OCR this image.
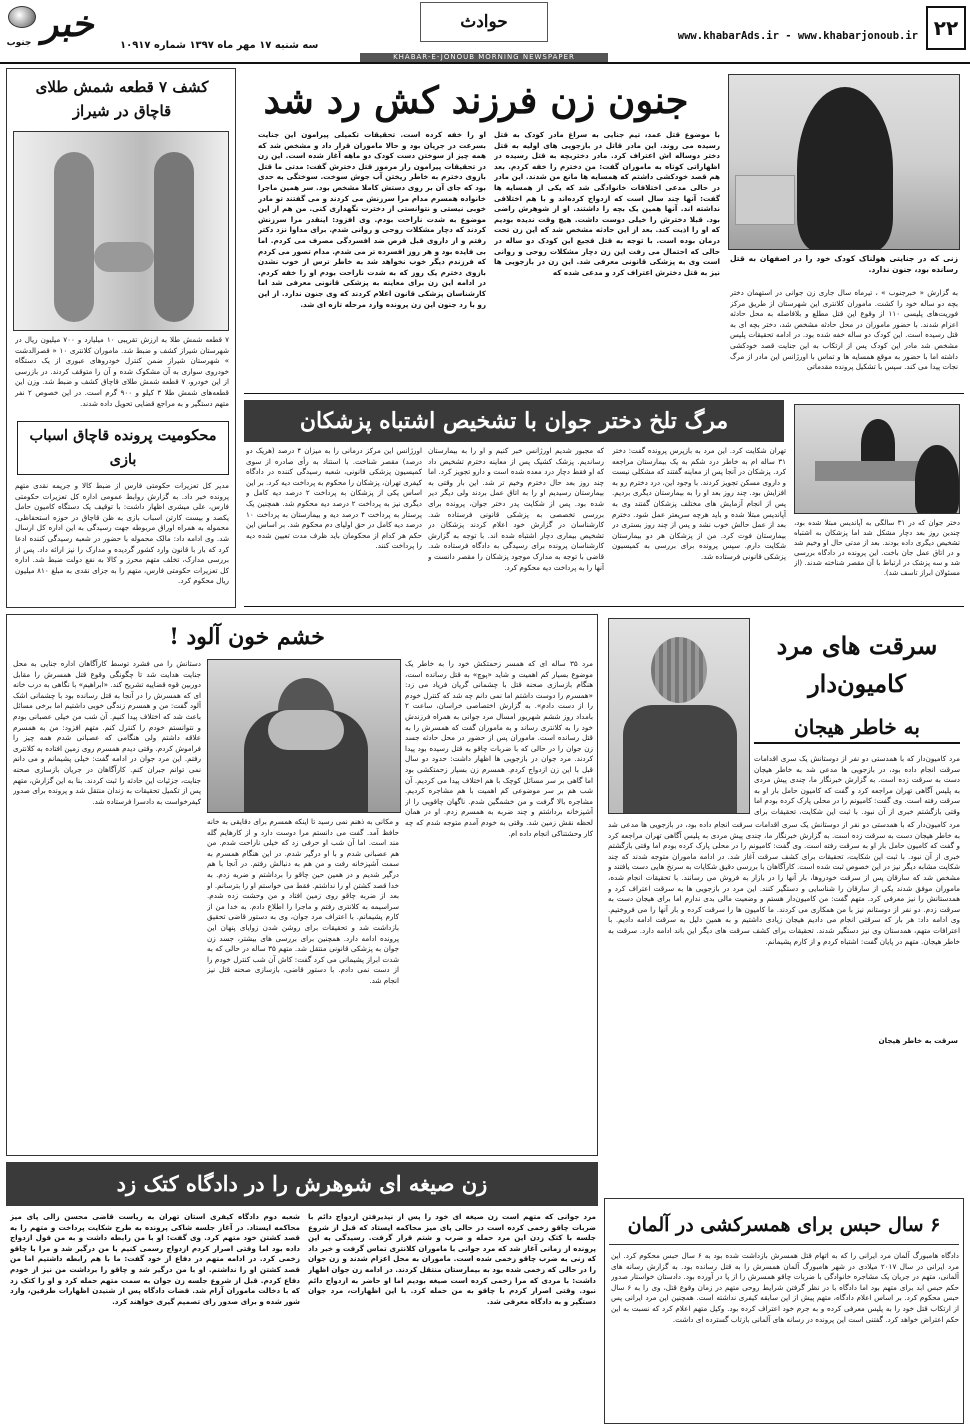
۲۲
www.khabarAds.ir - www.khabarjonoub.ir
حوادث
خبر
جنوب	سه شنبه ۱۷ مهر ماه ۱۳۹۷ شماره ۱۰۹۱۷
KHABAR-E-JONOUB MORNING NEWSPAPER
کشف ۷ قطعه شمش طلای قاچاق در شیراز
۷ قطعه شمش طلا به ارزش تقریبی ۱۰ میلیارد و ۷۰۰ میلیون ریال در شهرستان شیراز کشف و ضبط شد. ماموران کلانتری ۱۰ « قصرالدشت » شهرستان شیراز ضمن کنترل خودروهای عبوری از یک دستگاه خودروی سواری به آن مشکوک شده و آن را متوقف کردند. در بازرسی از این خودرو، ۷ قطعه شمش طلای قاچاق کشف و ضبط شد. وزن این قطعه‌های شمش طلا ۳ کیلو و ۹۰۰ گرم است. در این خصوص ۲ نفر متهم دستگیر و به مراجع قضایی تحویل داده شدند.
محکومیت پرونده قاچاق اسباب بازی
مدیر کل تعزیرات حکومتی فارس از ضبط کالا و جریمه نقدی متهم پرونده خبر داد. به گزارش روابط عمومی اداره کل تعزیرات حکومتی فارس، علی میشری اظهار داشت: با توقیف یک دستگاه کامیون حامل یکصد و بیست کارتن اسباب بازی به ظن قاچاق در حوزه استحفاظی، محموله به همراه اوراق مربوطه جهت رسیدگی به این اداره کل ارسال شد. وی ادامه داد: مالک محموله با حضور در شعبه رسیدگی کننده ادعا کرد که بار با قانون وارد کشور گردیده و مدارک را نیز ارائه داد. پس از بررسی مدارک، تخلف متهم محرز و کالا به نفع دولت ضبط شد. اداره کل تعزیرات حکومتی فارس، متهم را به جزای نقدی به مبلغ ۸۱۰ میلیون ریال محکوم کرد.
جنون زن فرزند کش رد شد
زنی که در جنایتی هولناک کودک خود را در اصفهان به قتل رسانده بود، جنون ندارد.
به گزارش « خبرجنوب » ، تیرماه سال جاری زن جوانی در استهمان دختر بچه دو ساله خود را کشت. ماموران کلانتری این شهرستان از طریق مرکز فوریت‌های پلیسی ۱۱۰ از وقوع این قتل مطلع و بلافاصله به محل حادثه اعزام شدند. با حضور ماموران در محل حادثه مشخص شد، دختر بچه ای به قتل رسیده است. این کودک دو ساله خفه شده بود. در ادامه تحقیقات پلیس مشخص شد مادر این کودک پس از ارتکاب به این جنایت قصد خودکشی داشته اما با حضور به موقع همسایه ها و تماس با اورژانس این مادر از مرگ نجات پیدا می کند. سپس با تشکیل پرونده مقدماتی
با موضوع قتل عمد، تیم جنایی به سراغ مادر کودک به قتل رسیده می روند. این مادر قاتل در بازجویی های اولیه به قتل دختر دوساله اش اعتراف کرد. مادر دختربچه به قتل رسیده در اظهاراتی کوتاه به ماموران گفت: من دخترم را خفه کردم. بعد هم قصد خودکشی داشتم که همسایه ها مانع من شدند. این مادر در حالی مدعی اختلافات خانوادگی شد که یکی از همسایه ها گفت: آنها چند سال است که ازدواج کرده‌اند و با هم اختلافی نداشته اند. آنها همین یک بچه را داشتند. او از شوهرش راضی بود. قبلا دخترش را خیلی دوست داشت. هیچ وقت ندیده بودیم که او را اذیت کند. بعد از این حادثه مشخص شد که این زن تحت درمان بوده است. با توجه به قتل فجیع این کودک دو ساله در حالی که احتمال می رفت این زن دچار مشکلات روحی و روانی است وی به پزشکی قانونی معرفی شد. این زن در بازجویی ها نیز به قتل دخترش اعتراف کرد و مدعی شده که
او را خفه کرده است. تحقیقات تکمیلی پیرامون این جنایت بسرعت در جریان بود و حالا ماموران قرار داد و مشخص شد که همه چیز از سوختن دست کودک دو ماهه آغاز شده است. این زن در تحقیقات پیرامون راز مرموز قتل دخترش گفت: مدتی ما قتل بازوی دخترم به خاطر ریختن آب جوش سوخت. سوختگی به حدی بود که جای آن بر روی دستش کاملا مشخص بود. سر همین ماجرا خانواده همسرم مدام مرا سرزنش می کردند و می گفتند تو مادر خوبی نیستی و نتوانستی از دخترت نگهداری کنی. من هم از این موضوع به شدت ناراحت بودم. وی افزود: اینقدر مرا سرزنش کردند که دچار مشکلات روحی و روانی شدم. برای مداوا نزد دکتر رفتم و از داروی قبل قرص ضد افسردگی مصرف می کردم. اما بی فایده بود و هر روز افسرده تر می شدم. مدام تصور می کردم که فرزندم دیگر خوب نخواهد شد به خاطر ترس از خوب نشدن بازوی دخترم یک روز که به شدت ناراحت بودم او را خفه کردم. در ادامه این زن برای معاینه به پزشکی قانونی معرفی شد اما کارشناسان پزشکی قانون اعلام کردند که وی جنون ندارد. از این رو با رد جنون این زن پرونده وارد مرحله تازه ای شد.
مرگ تلخ دختر جوان با تشخیص اشتباه پزشکان
دختر جوان که در ۳۱ سالگی به آپاندیس مبتلا شده بود، چندین روز بعد دچار مشکل شد اما پزشکان به اشتباه تشخیص دیگری داده بودند. بعد از مدتی حال او وخیم شد و در اتاق عمل جان باخت. این پرونده در دادگاه بررسی شد و سه پزشک در ارتباط با آن مقصر شناخته شدند. (از مسئولان ابراز تاسف شد).
تهران شکایت کرد. این مرد به بازپرس پرونده گفت: دختر ۳۱ ساله ام به خاطر درد شکم به یک بیمارستان مراجعه کرد. پزشکان در آنجا پس از معاینه گفتند که مشکلی نیست و داروی مسکن تجویز کردند. با وجود این، درد دخترم رو به افزایش بود. چند روز بعد او را به بیمارستان دیگری بردیم. پس از انجام آزمایش های مختلف پزشکان گفتند وی به آپاندیس مبتلا شده و باید هرچه سریعتر عمل شود. دخترم بعد از عمل حالش خوب نشد و پس از چند روز بستری در بیمارستان فوت کرد. من از پزشکان هر دو بیمارستان شکایت دارم. سپس پرونده برای بررسی به کمیسیون پزشکی قانونی فرستاده شد.
که مجبور شدیم اورژانس خبر کنیم و او را به بیمارستان رساندیم. پزشک کشیک پس از معاینه دخترم تشخیص داد که او فقط دچار درد معده شده است و دارو تجویز کرد. اما چند روز بعد حال دخترم وخیم تر شد. این بار وقتی به بیمارستان رسیدیم او را به اتاق عمل بردند ولی دیگر دیر شده بود. پس از شکایت پدر دختر جوان، پرونده برای بررسی تخصصی به پزشکی قانونی فرستاده شد. کارشناسان در گزارش خود اعلام کردند پزشکان در تشخیص بیماری دچار اشتباه شده اند. با توجه به گزارش کارشناسان پرونده برای رسیدگی به دادگاه فرستاده شد. قاضی با توجه به مدارک موجود پزشکان را مقصر دانست و آنها را به پرداخت دیه محکوم کرد.
اورژانس این مرکز درمانی را به میزان ۴ درصد (هریک دو درصد) مقصر شناخت. با استناد به رأی صادره از سوی کمیسیون پزشکی قانونی، شعبه رسیدگی کننده در دادگاه کیفری تهران، پزشکان را محکوم به پرداخت دیه کرد. بر این اساس یکی از پزشکان به پرداخت ۲ درصد دیه کامل و دیگری نیز به پرداخت ۲ درصد دیه محکوم شد. همچنین یک پرستار به پرداخت ۴ درصد دیه و بیمارستان به پرداخت ۱۰ درصد دیه کامل در حق اولیای دم محکوم شد. بر اساس این حکم هر کدام از محکومان باید ظرف مدت تعیین شده دیه را پرداخت کنند.
سرقت های مرد
کامیون‌دار
به خاطر هیجان
مرد کامیون‌دار که با همدستی دو نفر از دوستانش یک سری اقدامات سرقت انجام داده بود، در بازجویی ها مدعی شد به خاطر هیجان دست به سرقت زده است. به گزارش خبرنگار ما، چندی پیش مردی به پلیس آگاهی تهران مراجعه کرد و گفت که کامیون حامل بار او به سرقت رفته است. وی گفت: کامیونم را در محلی پارک کرده بودم اما وقتی بازگشتم خبری از آن نبود. با ثبت این شکایت، تحقیقات برای
مرد کامیون‌دار که با همدستی دو نفر از دوستانش یک سری اقدامات سرقت انجام داده بود، در بازجویی ها مدعی شد به خاطر هیجان دست به سرقت زده است. به گزارش خبرنگار ما، چندی پیش مردی به پلیس آگاهی تهران مراجعه کرد و گفت که کامیون حامل بار او به سرقت رفته است. وی گفت: کامیونم را در محلی پارک کرده بودم اما وقتی بازگشتم خبری از آن نبود. با ثبت این شکایت، تحقیقات برای کشف سرقت آغاز شد. در ادامه ماموران متوجه شدند که چند شکایت مشابه دیگر نیز در این خصوص ثبت شده است. کارآگاهان با بررسی دقیق شکایات به سرنخ هایی دست یافتند و مشخص شد که سارقان پس از سرقت خودروها، بار آنها را در بازار به فروش می رسانند. با تحقیقات انجام شده، ماموران موفق شدند یکی از سارقان را شناسایی و دستگیر کنند. این مرد در بازجویی ها به سرقت اعتراف کرد و همدستانش را نیز معرفی کرد. متهم گفت: من کامیون‌دار هستم و وضعیت مالی بدی ندارم اما برای هیجان دست به سرقت زدم. دو نفر از دوستانم نیز با من همکاری می کردند. ما کامیون ها را سرقت کرده و بار آنها را می فروختیم. وی ادامه داد: هر بار که سرقتی انجام می دادیم هیجان زیادی داشتیم و به همین دلیل به سرقت ادامه دادیم. با اعترافات متهم، همدستان وی نیز دستگیر شدند. تحقیقات برای کشف سرقت های دیگر این باند ادامه دارد. سرقت به خاطر هیجان. متهم در پایان گفت: اشتباه کردم و از کارم پشیمانم.
سرقت به خاطر هیجان
خشم خون آلود !
مرد ۳۵ ساله ای که همسر زحمتکش خود را به خاطر یک موضوع بسیار کم اهمیت و شاید «پوچ» به قتل رسانده است، هنگام بازسازی صحنه قتل با چشمانی گریان فریاد می زد: «همسرم را دوست داشتم اما نمی دانم چه شد که کنترل خودم را از دست دادم». به گزارش اختصاصی خراسان، ساعت ۲ بامداد روز ششم شهریور امسال مرد جوانی به همراه فرزندش خود را به کلانتری رساند و به ماموران گفت که همسرش را به قتل رسانده است. ماموران پس از حضور در محل حادثه جسد زن جوان را در حالی که با ضربات چاقو به قتل رسیده بود پیدا کردند. مرد جوان در بازجویی ها اظهار داشت: حدود دو سال قبل با این زن ازدواج کردم. همسرم زن بسیار زحمتکشی بود اما گاهی بر سر مسائل کوچک با هم اختلاف پیدا می کردیم. آن شب هم بر سر موضوعی کم اهمیت با هم مشاجره کردیم. مشاجره بالا گرفت و من خشمگین شدم. ناگهان چاقویی را از آشپزخانه برداشتم و چند ضربه به همسرم زدم. او در همان لحظه نقش زمین شد. وقتی به خودم آمدم متوجه شدم که چه کار وحشتناکی انجام داده ام.
و مکانی به ذهنم نمی رسید تا اینکه همسرم برای دقایقی به خانه حافظ آمد. گفت می دانستم مرا دوست دارد و از کارهایم گله مند است. اما آن شب او حرفی زد که خیلی ناراحت شدم. من هم عصبانی شدم و با او درگیر شدم. در این هنگام همسرم به سمت آشپزخانه رفت و من هم به دنبالش رفتم. در آنجا با هم درگیر شدیم و در همین حین چاقو را برداشتم و ضربه زدم. به خدا قصد کشتن او را نداشتم. فقط می خواستم او را بترسانم. او بعد از ضربه چاقو روی زمین افتاد و من وحشت زده شدم. سراسیمه به کلانتری رفتم و ماجرا را اطلاع دادم. به خدا من از کارم پشیمانم. با اعتراف مرد جوان، وی به دستور قاضی تحقیق بازداشت شد و تحقیقات برای روشن شدن زوایای پنهان این پرونده ادامه دارد. همچنین برای بررسی های بیشتر، جسد زن جوان به پزشکی قانونی منتقل شد. متهم ۳۵ ساله در حالی که به شدت ابراز پشیمانی می کرد گفت: کاش آن شب کنترل خودم را از دست نمی دادم. با دستور قاضی، بازسازی صحنه قتل نیز انجام شد.
دستانش را می فشرد توسط کارآگاهان اداره جنایی به محل جنایت هدایت شد تا چگونگی وقوع قتل همسرش را مقابل دوربین قوه قضاییه تشریح کند. «ابراهیم» با نگاهی به درب خانه ای که همسرش را در آنجا به قتل رسانده بود با چشمانی اشک آلود گفت: من و همسرم زندگی خوبی داشتیم اما برخی مسائل باعث شد که اختلاف پیدا کنیم. آن شب من خیلی عصبانی بودم و نتوانستم خودم را کنترل کنم. متهم افزود: من به همسرم علاقه داشتم ولی هنگامی که عصبانی شدم همه چیز را فراموش کردم. وقتی دیدم همسرم روی زمین افتاده به کلانتری رفتم. این مرد جوان در ادامه گفت: خیلی پشیمانم و می دانم نمی توانم جبران کنم. کارآگاهان در جریان بازسازی صحنه جنایت، جزئیات این حادثه را ثبت کردند. بنا به این گزارش، متهم پس از تکمیل تحقیقات به زندان منتقل شد و پرونده برای صدور کیفرخواست به دادسرا فرستاده شد.
زن صیغه ای شوهرش را در دادگاه کتک زد
مرد جوانی که متهم است زن صیغه ای خود را پس از نپذیرفتن ازدواج دائم با ضربات چاقو زخمی کرده است در حالی پای میز محاکمه ایستاد که قبل از شروع جلسه با کتک زدن این مرد حمله و ضرب و شتم قرار گرفت. رسیدگی به این پرونده از زمانی آغاز شد که مرد جوانی با ماموران کلانتری تماس گرفت و خبر داد که زنی به ضرب چاقو زخمی شده است. ماموران به محل اعزام شدند و زن جوان را در حالی که زخمی شده بود به بیمارستان منتقل کردند. در ادامه زن جوان اظهار داشت: با مردی که مرا زخمی کرده است صیغه بودیم اما او حاضر به ازدواج دائم نبود. وقتی اصرار کردم با چاقو به من حمله کرد. با این اظهارات، مرد جوان دستگیر و به دادگاه معرفی شد.
شعبه دوم دادگاه کیفری استان تهران به ریاست قاضی محسن زالی پای میز محاکمه ایستاد. در آغاز جلسه شاکی پرونده به طرح شکایت پرداخت و متهم را به قصد کشتن خود متهم کرد. وی گفت: او با من رابطه داشت و به من قول ازدواج داده بود اما وقتی اصرار کردم ازدواج رسمی کنیم با من درگیر شد و مرا با چاقو زخمی کرد. در ادامه متهم در دفاع از خود گفت: ما با هم رابطه داشتیم اما من قصد کشتن او را نداشتم. او با من درگیر شد و چاقو را برداشت من نیز از خودم دفاع کردم. قبل از شروع جلسه زن جوان به سمت متهم حمله کرد و او را کتک زد که با دخالت ماموران آرام شد. قضات دادگاه پس از شنیدن اظهارات طرفین، وارد شور شده و برای صدور رای تصمیم گیری خواهند کرد.
۶ سال حبس برای همسرکشی در آلمان
دادگاه هامبورگ آلمان مرد ایرانی را که به اتهام قتل همسرش بازداشت شده بود به ۶ سال حبس محکوم کرد. این مرد ایرانی در سال ۲۰۱۷ میلادی در شهر هامبورگ آلمان همسرش را به قتل رسانده بود. به گزارش رسانه های آلمانی، متهم در جریان یک مشاجره خانوادگی با ضربات چاقو همسرش را از پا در آورده بود. دادستان خواستار صدور حکم حبس ابد برای متهم بود اما دادگاه با در نظر گرفتن شرایط روحی متهم در زمان وقوع قتل، وی را به ۶ سال حبس محکوم کرد. بر اساس اعلام دادگاه، متهم پیش از این سابقه کیفری نداشته است. همچنین این مرد ایرانی پس از ارتکاب قتل خود را به پلیس معرفی کرده و به جرم خود اعتراف کرده بود. وکیل متهم اعلام کرد که نسبت به این حکم اعتراض خواهد کرد. گفتنی است این پرونده در رسانه های آلمانی بازتاب گسترده ای داشت.
